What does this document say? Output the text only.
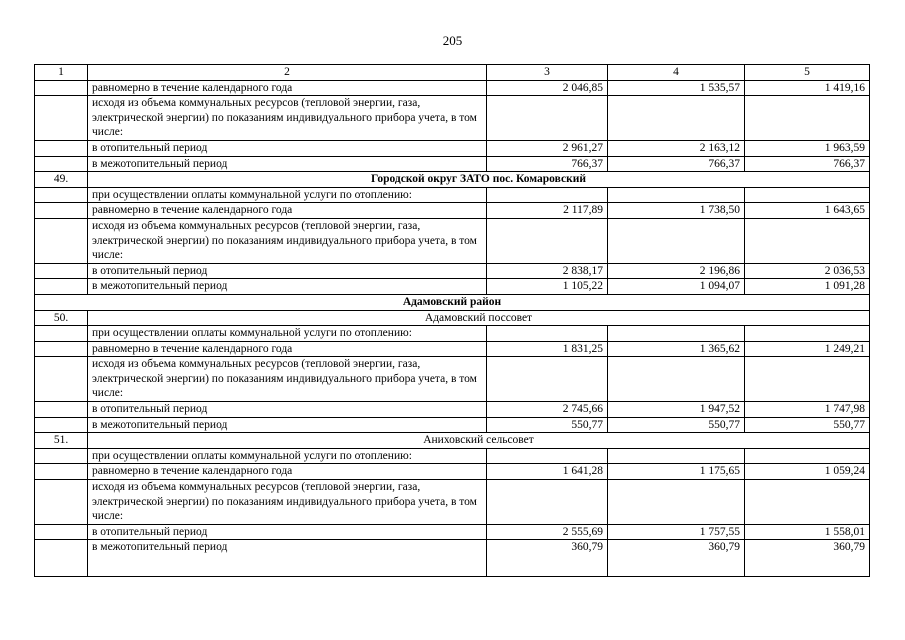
205
1	2	3	4	5
	равномерно в течение календарного года	2 046,85	1 535,57	1 419,16
	исходя из объема коммунальных ресурсов (тепловой энергии, газа, электрической энергии) по показаниям индивидуального прибора учета, в том числе:			
	в отопительный период	2 961,27	2 163,12	1 963,59
	в межотопительный период	766,37	766,37	766,37
49.	Городской округ ЗАТО пос. Комаровский			
	при осуществлении оплаты коммунальной услуги по отоплению:			
	равномерно в течение календарного года	2 117,89	1 738,50	1 643,65
	исходя из объема коммунальных ресурсов (тепловой энергии, газа, электрической энергии) по показаниям индивидуального прибора учета, в том числе:			
	в отопительный период	2 838,17	2 196,86	2 036,53
	в межотопительный период	1 105,22	1 094,07	1 091,28
Адамовский район				
50.	Адамовский поссовет			
	при осуществлении оплаты коммунальной услуги по отоплению:			
	равномерно в течение календарного года	1 831,25	1 365,62	1 249,21
	исходя из объема коммунальных ресурсов (тепловой энергии, газа, электрической энергии) по показаниям индивидуального прибора учета, в том числе:			
	в отопительный период	2 745,66	1 947,52	1 747,98
	в межотопительный период	550,77	550,77	550,77
51.	Аниховский сельсовет			
	при осуществлении оплаты коммунальной услуги по отоплению:			
	равномерно в течение календарного года	1 641,28	1 175,65	1 059,24
	исходя из объема коммунальных ресурсов (тепловой энергии, газа, электрической энергии) по показаниям индивидуального прибора учета, в том числе:			
	в отопительный период	2 555,69	1 757,55	1 558,01
	в межотопительный период	360,79	360,79	360,79
